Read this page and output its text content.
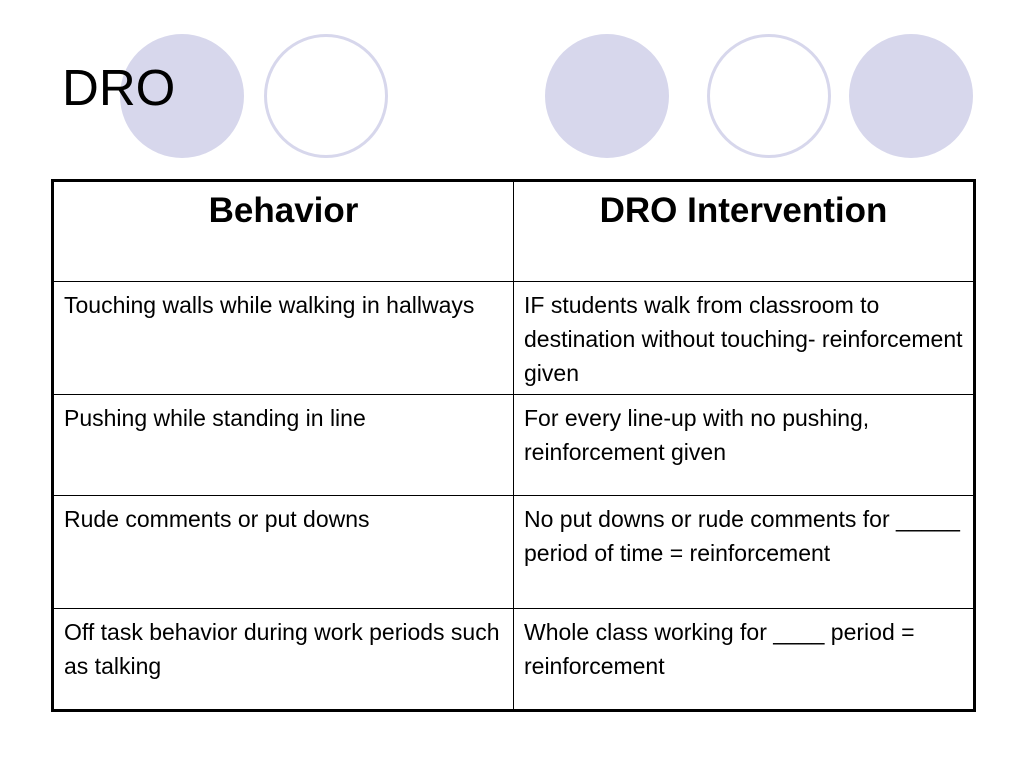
DRO
Behavior	DRO Intervention
Touching walls while walking in hallways	IF students walk from classroom to destination without touching- reinforcement given
Pushing while standing in line	For every line-up with no pushing, reinforcement given
Rude comments or put downs	No put downs or rude comments for _____ period of time = reinforcement
Off task behavior during work periods such as talking	Whole class working for ____ period = reinforcement
